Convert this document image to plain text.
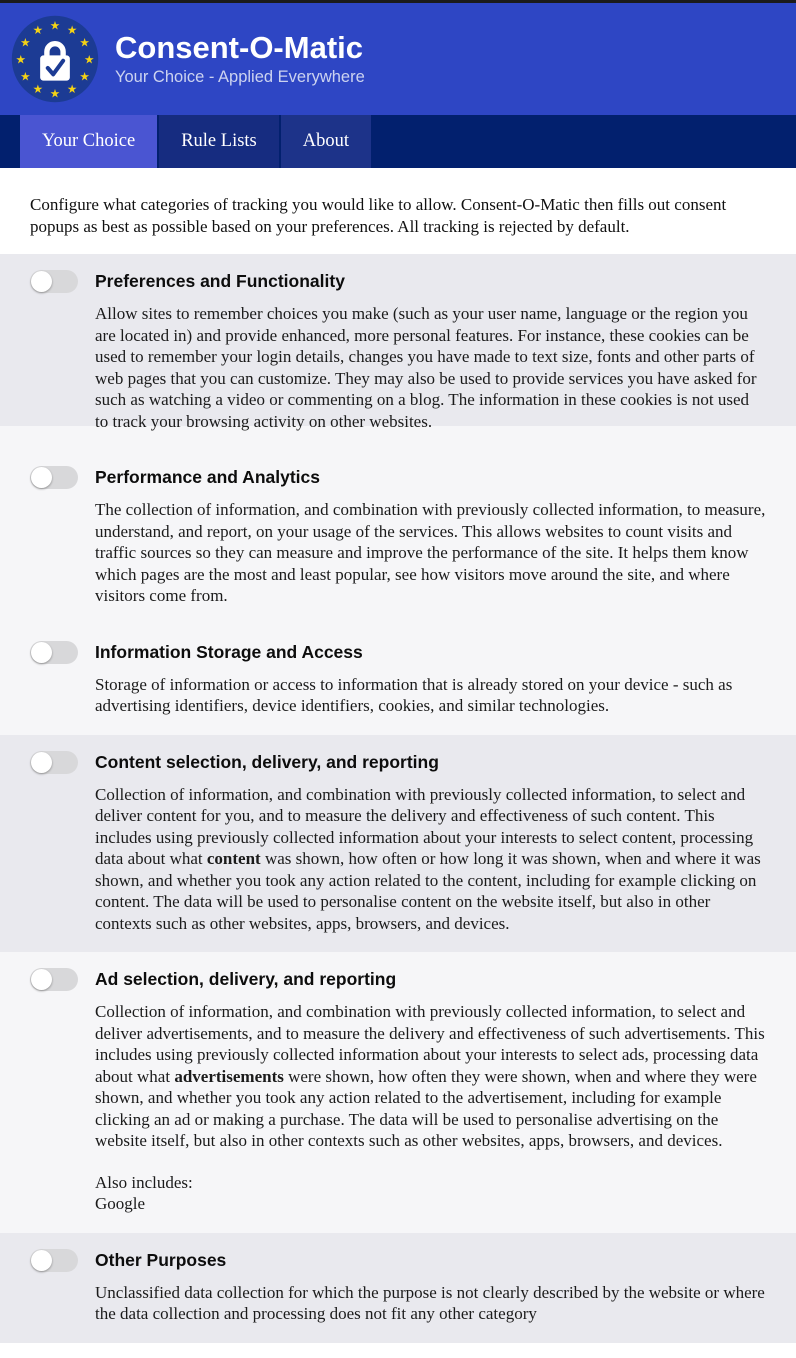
★ ★
★
★
★
★
★
★
★
★
★
★
Consent-O-Matic
Your Choice - Applied Everywhere
Your Choice	Rule Lists	About

Configure what categories of tracking you would like to allow. Consent-O-Matic then fills out consent popups as best as possible based on your preferences. All tracking is rejected by default.

Preferences and Functionality

Allow sites to remember choices you make (such as your user name, language or the region you are located in) and provide enhanced, more personal features. For instance, these cookies can be used to remember your login details, changes you have made to text size, fonts and other parts of web pages that you can customize. They may also be used to provide services you have asked for such as watching a video or commenting on a blog. The information in these cookies is not used to track your browsing activity on other websites.

Performance and Analytics

The collection of information, and combination with previously collected information, to measure, understand, and report, on your usage of the services. This allows websites to count visits and traffic sources so they can measure and improve the performance of the site. It helps them know which pages are the most and least popular, see how visitors move around the site, and where visitors come from.

Information Storage and Access

Storage of information or access to information that is already stored on your device - such as advertising identifiers, device identifiers, cookies, and similar technologies.

Content selection, delivery, and reporting

Collection of information, and combination with previously collected information, to select and deliver content for you, and to measure the delivery and effectiveness of such content. This includes using previously collected information about your interests to select content, processing data about what content was shown, how often or how long it was shown, when and where it was shown, and whether you took any action related to the content, including for example clicking on content. The data will be used to personalise content on the website itself, but also in other contexts such as other websites, apps, browsers, and devices.

Ad selection, delivery, and reporting

Collection of information, and combination with previously collected information, to select and deliver advertisements, and to measure the delivery and effectiveness of such advertisements. This includes using previously collected information about your interests to select ads, processing data about what advertisements were shown, how often they were shown, when and where they were shown, and whether you took any action related to the advertisement, including for example clicking an ad or making a purchase. The data will be used to personalise advertising on the website itself, but also in other contexts such as other websites, apps, browsers, and devices.

Also includes:
Google
Other Purposes

Unclassified data collection for which the purpose is not clearly described by the website or where the data collection and processing does not fit any other category
